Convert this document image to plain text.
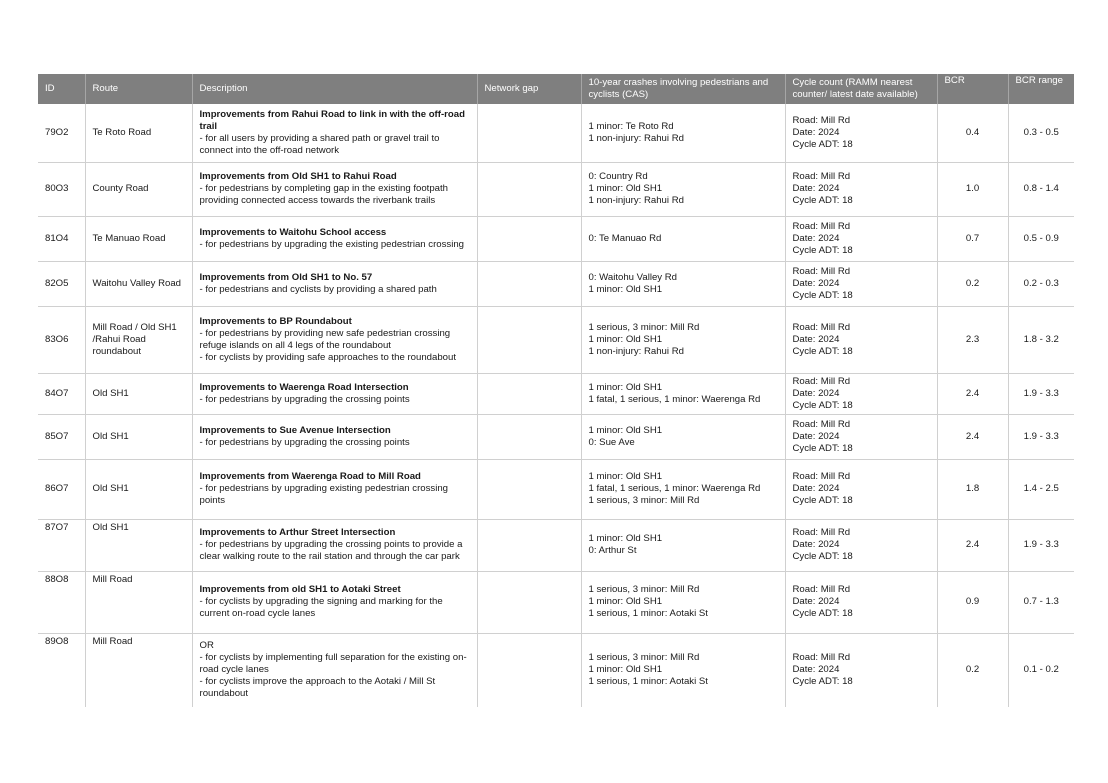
ID	Route	Description	Network gap	10-year crashes involving pedestrians and cyclists (CAS)	Cycle count (RAMM nearest counter/ latest date available)	BCR	BCR range
79O2	Te Roto Road	Improvements from Rahui Road to link in with the off-road trail
- for all users by providing a shared path or gravel trail to connect into the off-road network		1 minor: Te Roto Rd
1 non-injury: Rahui Rd	Road: Mill Rd
Date: 2024
Cycle ADT: 18	0.4	0.3 - 0.5
80O3	County Road	Improvements from Old SH1 to Rahui Road
- for pedestrians by completing gap in the existing footpath providing connected access towards the riverbank trails		0: Country Rd
1 minor: Old SH1
1 non-injury: Rahui Rd	Road: Mill Rd
Date: 2024
Cycle ADT: 18	1.0	0.8 - 1.4
81O4	Te Manuao Road	Improvements to Waitohu School access
- for pedestrians by upgrading the existing pedestrian crossing		0: Te Manuao Rd	Road: Mill Rd
Date: 2024
Cycle ADT: 18	0.7	0.5 - 0.9
82O5	Waitohu Valley Road	Improvements from Old SH1 to No. 57
- for pedestrians and cyclists by providing a shared path		0: Waitohu Valley Rd
1 minor: Old SH1	Road: Mill Rd
Date: 2024
Cycle ADT: 18	0.2	0.2 - 0.3
83O6	Mill Road / Old SH1 /Rahui Road roundabout	Improvements to BP Roundabout
- for pedestrians by providing new safe pedestrian crossing refuge islands on all 4 legs of the roundabout
- for cyclists by providing safe approaches to the roundabout		1 serious, 3 minor: Mill Rd
1 minor: Old SH1
1 non-injury: Rahui Rd	Road: Mill Rd
Date: 2024
Cycle ADT: 18	2.3	1.8 - 3.2
84O7	Old SH1	Improvements to Waerenga Road Intersection
- for pedestrians by upgrading the crossing points		1 minor: Old SH1
1 fatal, 1 serious, 1 minor: Waerenga Rd	Road: Mill Rd
Date: 2024
Cycle ADT: 18	2.4	1.9 - 3.3
85O7	Old SH1	Improvements to Sue Avenue Intersection
- for pedestrians by upgrading the crossing points		1 minor: Old SH1
0: Sue Ave	Road: Mill Rd
Date: 2024
Cycle ADT: 18	2.4	1.9 - 3.3
86O7	Old SH1	Improvements from Waerenga Road to Mill Road
- for pedestrians by upgrading existing pedestrian crossing points		1 minor: Old SH1
1 fatal, 1 serious, 1 minor: Waerenga Rd
1 serious, 3 minor: Mill Rd	Road: Mill Rd
Date: 2024
Cycle ADT: 18	1.8	1.4 - 2.5
87O7	Old SH1	Improvements to Arthur Street Intersection
- for pedestrians by upgrading the crossing points to provide a clear walking route to the rail station and through the car park		1 minor: Old SH1
0: Arthur St	Road: Mill Rd
Date: 2024
Cycle ADT: 18	2.4	1.9 - 3.3
88O8	Mill Road	Improvements from old SH1 to Aotaki Street
- for cyclists by upgrading the signing and marking for the current on-road cycle lanes		1 serious, 3 minor: Mill Rd
1 minor: Old SH1
1 serious, 1 minor: Aotaki St	Road: Mill Rd
Date: 2024
Cycle ADT: 18	0.9	0.7 - 1.3
89O8	Mill Road	OR
- for cyclists by implementing full separation for the existing on-road cycle lanes
- for cyclists improve the approach to the Aotaki / Mill St roundabout		1 serious, 3 minor: Mill Rd
1 minor: Old SH1
1 serious, 1 minor: Aotaki St	Road: Mill Rd
Date: 2024
Cycle ADT: 18	0.2	0.1 - 0.2
